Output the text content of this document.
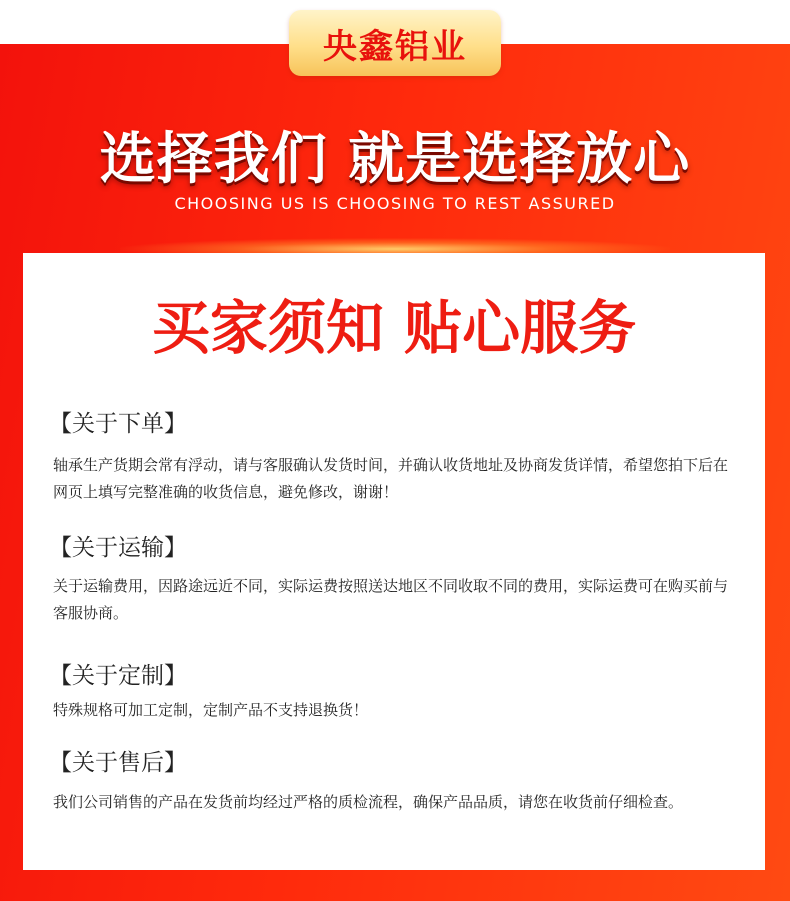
央鑫铝业
选择我们 就是选择放心
CHOOSING US IS CHOOSING TO REST ASSURED
买家须知 贴心服务
【关于下单】
轴承生产货期会常有浮动，请与客服确认发货时间，并确认收货地址及协商发货详情，希望您拍下后在网页上填写完整准确的收货信息，避免修改，谢谢！
【关于运输】
关于运输费用，因路途远近不同，实际运费按照送达地区不同收取不同的费用，实际运费可在购买前与客服协商。
【关于定制】
特殊规格可加工定制，定制产品不支持退换货！
【关于售后】
我们公司销售的产品在发货前均经过严格的质检流程，确保产品品质，请您在收货前仔细检查。
